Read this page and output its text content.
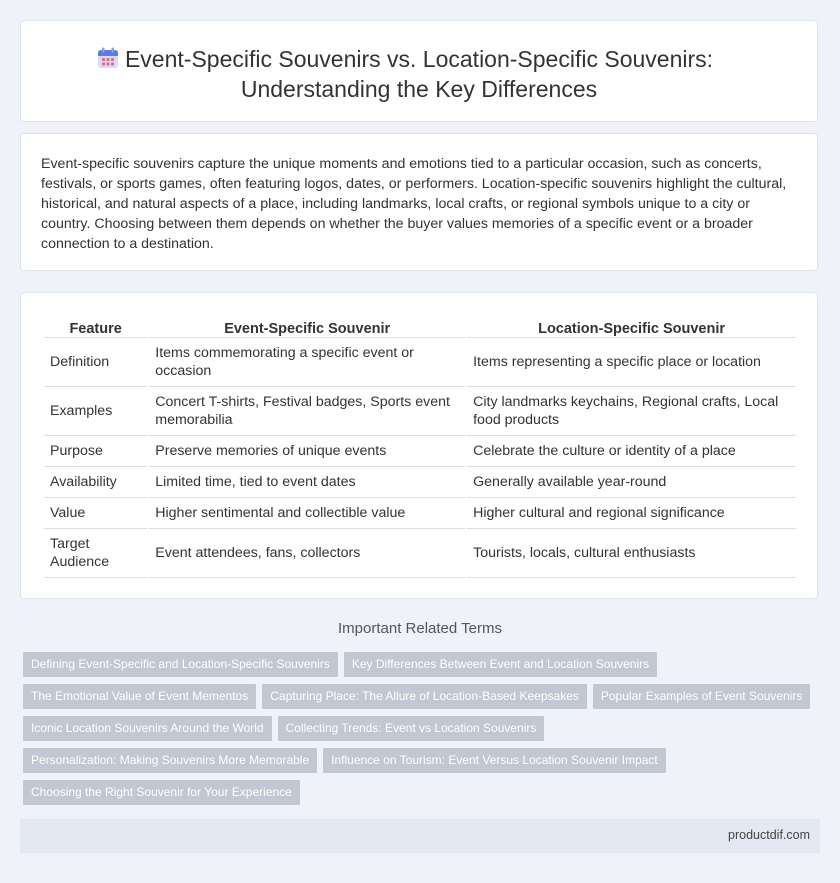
Event-Specific Souvenirs vs. Location-Specific Souvenirs:
Understanding the Key Differences

Event-specific souvenirs capture the unique moments and emotions tied to a particular occasion, such as concerts, festivals, or sports games, often featuring logos, dates, or performers. Location-specific souvenirs highlight the cultural, historical, and natural aspects of a place, including landmarks, local crafts, or regional symbols unique to a city or country. Choosing between them depends on whether the buyer values memories of a specific event or a broader connection to a destination.

Feature	Event-Specific Souvenir	Location-Specific Souvenir
Definition	Items commemorating a specific event or occasion	Items representing a specific place or location
Examples	Concert T-shirts, Festival badges, Sports event memorabilia	City landmarks keychains, Regional crafts, Local food products
Purpose	Preserve memories of unique events	Celebrate the culture or identity of a place
Availability	Limited time, tied to event dates	Generally available year-round
Value	Higher sentimental and collectible value	Higher cultural and regional significance
Target Audience	Event attendees, fans, collectors	Tourists, locals, cultural enthusiasts
Important Related Terms
Defining Event-Specific and Location-Specific Souvenirs Key Differences Between Event and Location Souvenirs
The Emotional Value of Event Mementos Capturing Place: The Allure of Location-Based Keepsakes Popular Examples of Event Souvenirs
Iconic Location Souvenirs Around the World Collecting Trends: Event vs Location Souvenirs
Personalization: Making Souvenirs More Memorable Influence on Tourism: Event Versus Location Souvenir Impact
Choosing the Right Souvenir for Your Experience
productdif.com
